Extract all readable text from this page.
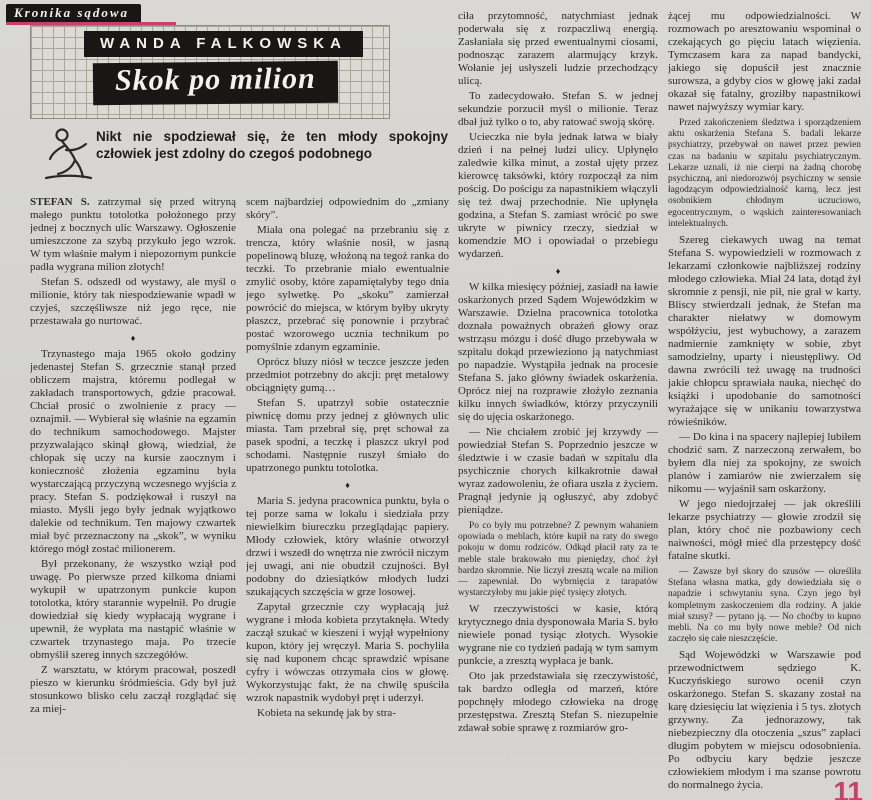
Kronika sądowa
WANDA FALKOWSKA
Skok po milion
Nikt nie spodziewał się, że ten młody spokojny człowiek jest zdolny do czegoś podobnego

STEFAN S. zatrzymał się przed witryną małego punktu totolotka położonego przy jednej z bocznych ulic Warszawy. Ogłoszenie umieszczone za szybą przykuło jego wzrok. W tym właśnie małym i niepozornym punkcie padła wygrana milion złotych!

Stefan S. odszedł od wystawy, ale myśl o milionie, który tak niespodziewanie wpadł w czyjeś, szczęśliwsze niż jego ręce, nie przestawała go nurtować.

♦

Trzynastego maja 1965 około godziny jedenastej Stefan S. grzecznie stanął przed obliczem majstra, któremu podlegał w zakładach transportowych, gdzie pracował. Chciał prosić o zwolnienie z pracy — oznajmił. — Wybierał się właśnie na egzamin do technikum samochodowego. Majster przyzwalająco skinął głową, wiedział, że chłopak się uczy na kursie zaocznym i konieczność złożenia egzaminu była wystarczającą przyczyną wczesnego wyjścia z pracy. Stefan S. podziękował i ruszył na miasto. Myśli jego były jednak wyjątkowo dalekie od technikum. Ten majowy czwartek miał być przeznaczony na „skok”, w wyniku którego mógł zostać milionerem.

Był przekonany, że wszystko wziął pod uwagę. Po pierwsze przed kilkoma dniami wykupił w upatrzonym punkcie kupon totolotka, który starannie wypełnił. Po drugie dowiedział się kiedy wypłacają wygrane i upewnił, że wypłata ma nastąpić właśnie w czwartek trzynastego maja. Po trzecie obmyślił szereg innych szczegółów.

Z warsztatu, w którym pracował, poszedł pieszo w kierunku śródmieścia. Gdy był już stosunkowo blisko celu zaczął rozglądać się za miej-

scem najbardziej odpowiednim do „zmiany skóry”.

Miała ona polegać na przebraniu się z trencza, który właśnie nosił, w jasną popelinową bluzę, włożoną na tegoż ranka do teczki. To przebranie miało ewentualnie zmylić osoby, które zapamiętałyby tego dnia jego sylwetkę. Po „skoku” zamierzał powrócić do miejsca, w którym byłby ukryty płaszcz, przebrać się ponownie i przybrać postać wzorowego ucznia technikum po pomyślnie zdanym egzaminie.

Oprócz bluzy niósł w teczce jeszcze jeden przedmiot potrzebny do akcji: pręt metalowy obciągnięty gumą…

Stefan S. upatrzył sobie ostatecznie piwnicę domu przy jednej z głównych ulic miasta. Tam przebrał się, pręt schował za pasek spodni, a teczkę i płaszcz ukrył pod schodami. Następnie ruszył śmiało do upatrzonego punktu totolotka.

♦

Maria S. jedyna pracownica punktu, była o tej porze sama w lokalu i siedziała przy niewielkim biureczku przeglądając papiery. Młody człowiek, który właśnie otworzył drzwi i wszedł do wnętrza nie zwrócił niczym jej uwagi, ani nie obudził czujności. Był podobny do dziesiątków młodych ludzi szukających szczęścia w grze losowej.

Zapytał grzecznie czy wypłacają już wygrane i młoda kobieta przytaknęła. Wtedy zaczął szukać w kieszeni i wyjął wypełniony kupon, który jej wręczył. Maria S. pochyliła się nad kuponem chcąc sprawdzić wpisane cyfry i wówczas otrzymała cios w głowę. Wykorzystując fakt, że na chwilę spuściła wzrok napastnik wydobył pręt i uderzył.

Kobieta na sekundę jak by stra-

ciła przytomność, natychmiast jednak poderwała się z rozpaczliwą energią. Zasłaniała się przed ewentualnymi ciosami, podnosząc zarazem alarmujący krzyk. Wołanie jej usłyszeli ludzie przechodzący ulicą.

To zadecydowało. Stefan S. w jednej sekundzie porzucił myśl o milionie. Teraz dbał już tylko o to, aby ratować swoją skórę.

Ucieczka nie była jednak łatwa w biały dzień i na pełnej ludzi ulicy. Upłynęło zaledwie kilka minut, a został ujęty przez kierowcę taksówki, który rozpoczął za nim pościg. Do pościgu za napastnikiem włączyli się też dwaj przechodnie. Nie upłynęła godzina, a Stefan S. zamiast wrócić po swe ukryte w piwnicy rzeczy, siedział w komendzie MO i opowiadał o przebiegu wydarzeń.

♦

W kilka miesięcy później, zasiadł na ławie oskarżonych przed Sądem Wojewódzkim w Warszawie. Dzielna pracownica totolotka doznała poważnych obrażeń głowy oraz wstrząsu mózgu i dość długo przebywała w szpitalu dokąd przewieziono ją natychmiast po napadzie. Wystąpiła jednak na procesie Stefana S. jako główny świadek oskarżenia. Oprócz niej na rozprawie złożyło zeznania kilku innych świadków, którzy przyczynili się do ujęcia oskarżonego.

— Nie chciałem zrobić jej krzywdy — powiedział Stefan S. Poprzednio jeszcze w śledztwie i w czasie badań w szpitalu dla psychicznie chorych kilkakrotnie dawał wyraz zadowoleniu, że ofiara uszła z życiem. Pragnął jedynie ją ogłuszyć, aby zdobyć pieniądze.

Po co były mu potrzebne? Z pewnym wahaniem opowiada o meblach, które kupił na raty do swego pokoju w domu rodziców. Odkąd płacił raty za te meble stale brakowało mu pieniędzy, choć żył bardzo skromnie. Nie liczył zresztą wcale na milion — zapewniał. Do wybrnięcia z tarapatów wystarczyłoby mu jakie pięć tysięcy złotych.

W rzeczywistości w kasie, którą krytycznego dnia dysponowała Maria S. było niewiele ponad tysiąc złotych. Wysokie wygrane nie co tydzień padają w tym samym punkcie, a zresztą wypłaca je bank.

Oto jak przedstawiała się rzeczywistość, tak bardzo odległa od marzeń, które popchnęły młodego człowieka na drogę przestępstwa. Zresztą Stefan S. niezupełnie zdawał sobie sprawę z rozmiarów gro-

żącej mu odpowiedzialności. W rozmowach po aresztowaniu wspominał o czekających go pięciu latach więzienia. Tymczasem kara za napad bandycki, jakiego się dopuścił jest znacznie surowsza, a gdyby cios w głowę jaki zadał okazał się fatalny, groziłby napastnikowi nawet najwyższy wymiar kary.

Przed zakończeniem śledztwa i sporządzeniem aktu oskarżenia Stefana S. badali lekarze psychiatrzy, przebywał on nawet przez pewien czas na badaniu w szpitalu psychiatrycznym. Lekarze uznali, iż nie cierpi na żadną chorobę psychiczną, ani niedorozwój psychiczny w sensie łagodzącym odpowiedzialność karną, lecz jest osobnikiem chłodnym uczuciowo, egocentrycznym, o wąskich zainteresowaniach intelektualnych.

Szereg ciekawych uwag na temat Stefana S. wypowiedzieli w rozmowach z lekarzami członkowie najbliższej rodziny młodego człowieka. Miał 24 lata, dotąd żył skromnie z pensji, nie pił, nie grał w karty. Bliscy stwierdzali jednak, że Stefan ma charakter niełatwy w domowym współżyciu, jest wybuchowy, a zarazem nadmiernie zamknięty w sobie, zbyt samodzielny, uparty i nieustępliwy. Od dawna zwrócili też uwagę na trudności jakie chłopcu sprawiała nauka, niechęć do książki i upodobanie do samotności wyrażające się w unikaniu towarzystwa rówieśników.

— Do kina i na spacery najlepiej lubiłem chodzić sam. Z narzeczoną zerwałem, bo byłem dla niej za spokojny, ze swoich planów i zamiarów nie zwierzałem się nikomu — wyjaśnił sam oskarżony.

W jego niedojrzałej — jak określili lekarze psychiatrzy — głowie zrodził się plan, który choć nie pozbawiony cech naiwności, mógł mieć dla przestępcy dość fatalne skutki.

— Zawsze był skory do szusów — określiła Stefana własna matka, gdy dowiedziała się o napadzie i schwytaniu syna. Czyn jego był kompletnym zaskoczeniem dla rodziny. A jakie miał szusy? — pytano ją. — No choćby to kupno mebli. Na co mu były nowe meble? Od nich zaczęło się całe nieszczęście.

Sąd Wojewódzki w Warszawie pod przewodnictwem sędziego K. Kuczyńskiego surowo ocenił czyn oskarżonego. Stefan S. skazany został na karę dziesięciu lat więzienia i 5 tys. złotych grzywny. Za jednorazowy, tak niebezpieczny dla otoczenia „szus” zapłaci długim pobytem w miejscu odosobnienia. Po odbyciu kary będzie jeszcze człowiekiem młodym i ma szanse powrotu do normalnego życia.	11
